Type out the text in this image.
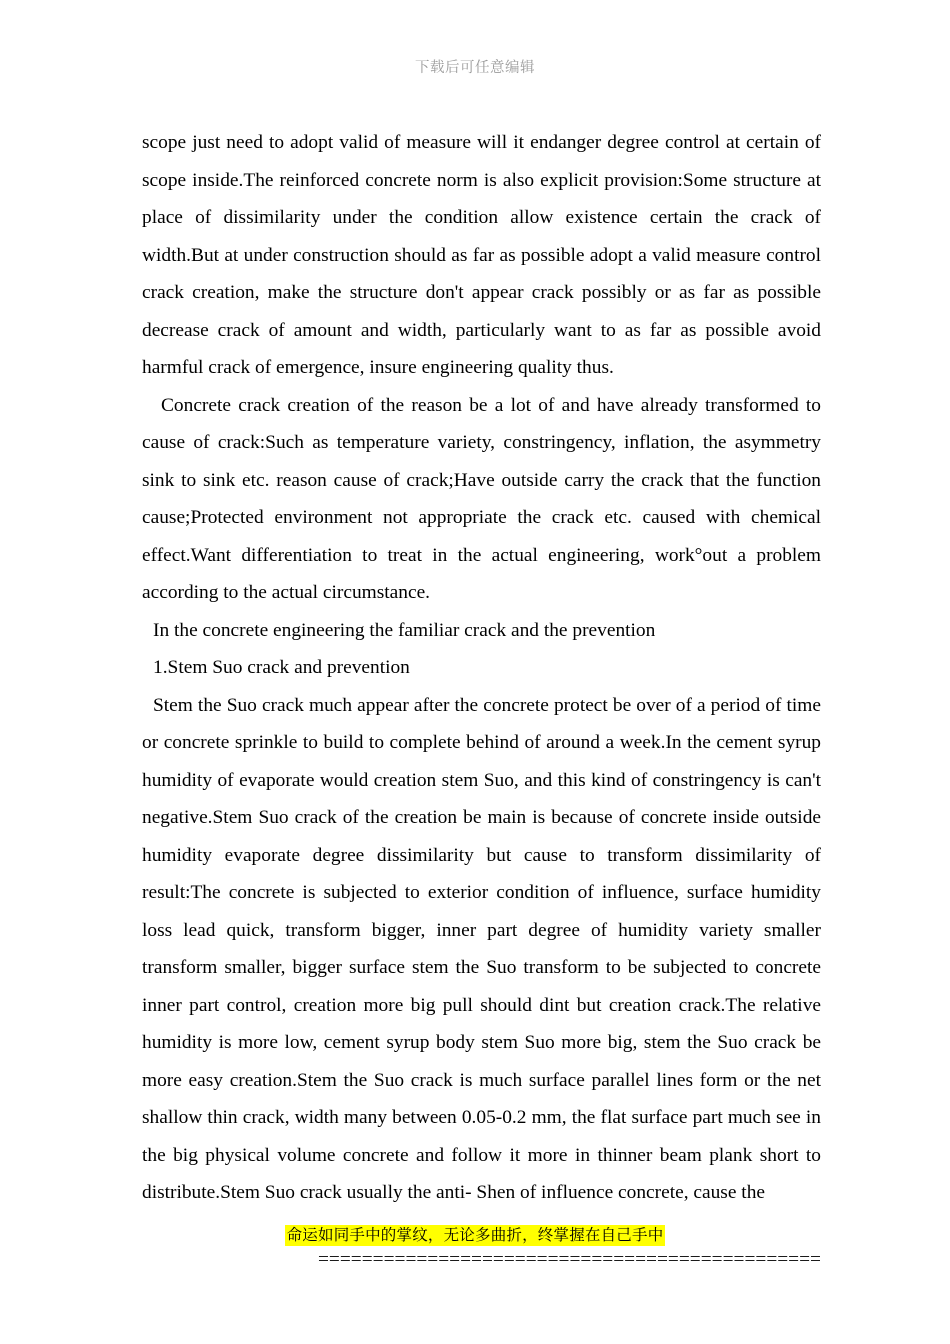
下载后可任意编辑

scope just need to adopt valid of measure will it endanger degree control at certain of scope inside.The reinforced concrete norm is also explicit provision:Some structure at place of dissimilarity under the condition allow existence certain the crack of width.But at under construction should as far as possible adopt a valid measure control crack creation, make the structure don't appear crack possibly or as far as possible decrease crack of amount and width, particularly want to as far as possible avoid harmful crack of emergence, insure engineering quality thus.

Concrete crack creation of the reason be a lot of and have already transformed to cause of crack:Such as temperature variety, constringency, inflation, the asymmetry sink to sink etc. reason cause of crack;Have outside carry the crack that the function cause;Protected environment not appropriate the crack etc. caused with chemical effect.Want differentiation to treat in the actual engineering, work°out a problem according to the actual circumstance.

In the concrete engineering the familiar crack and the prevention

1.Stem Suo crack and prevention

Stem the Suo crack much appear after the concrete protect be over of a period of time or concrete sprinkle to build to complete behind of around a week.In the cement syrup humidity of evaporate would creation stem Suo, and this kind of constringency is can't negative.Stem Suo crack of the creation be main is because of concrete inside outside humidity evaporate degree dissimilarity but cause to transform dissimilarity of result:The concrete is subjected to exterior condition of influence, surface humidity loss lead quick, transform bigger, inner part degree of humidity variety smaller transform smaller, bigger surface stem the Suo transform to be subjected to concrete inner part control, creation more big pull should dint but creation crack.The relative humidity is more low, cement syrup body stem Suo more big, stem the Suo crack be more easy creation.Stem the Suo crack is much surface parallel lines form or the net shallow thin crack, width many between 0.05-0.2 mm, the flat surface part much see in the big physical volume concrete and follow it more in thinner beam plank short to distribute.Stem Suo crack usually the anti- Shen of influence concrete, cause the

命运如同手中的掌纹，无论多曲折，终掌握在自己手中
==============================================
